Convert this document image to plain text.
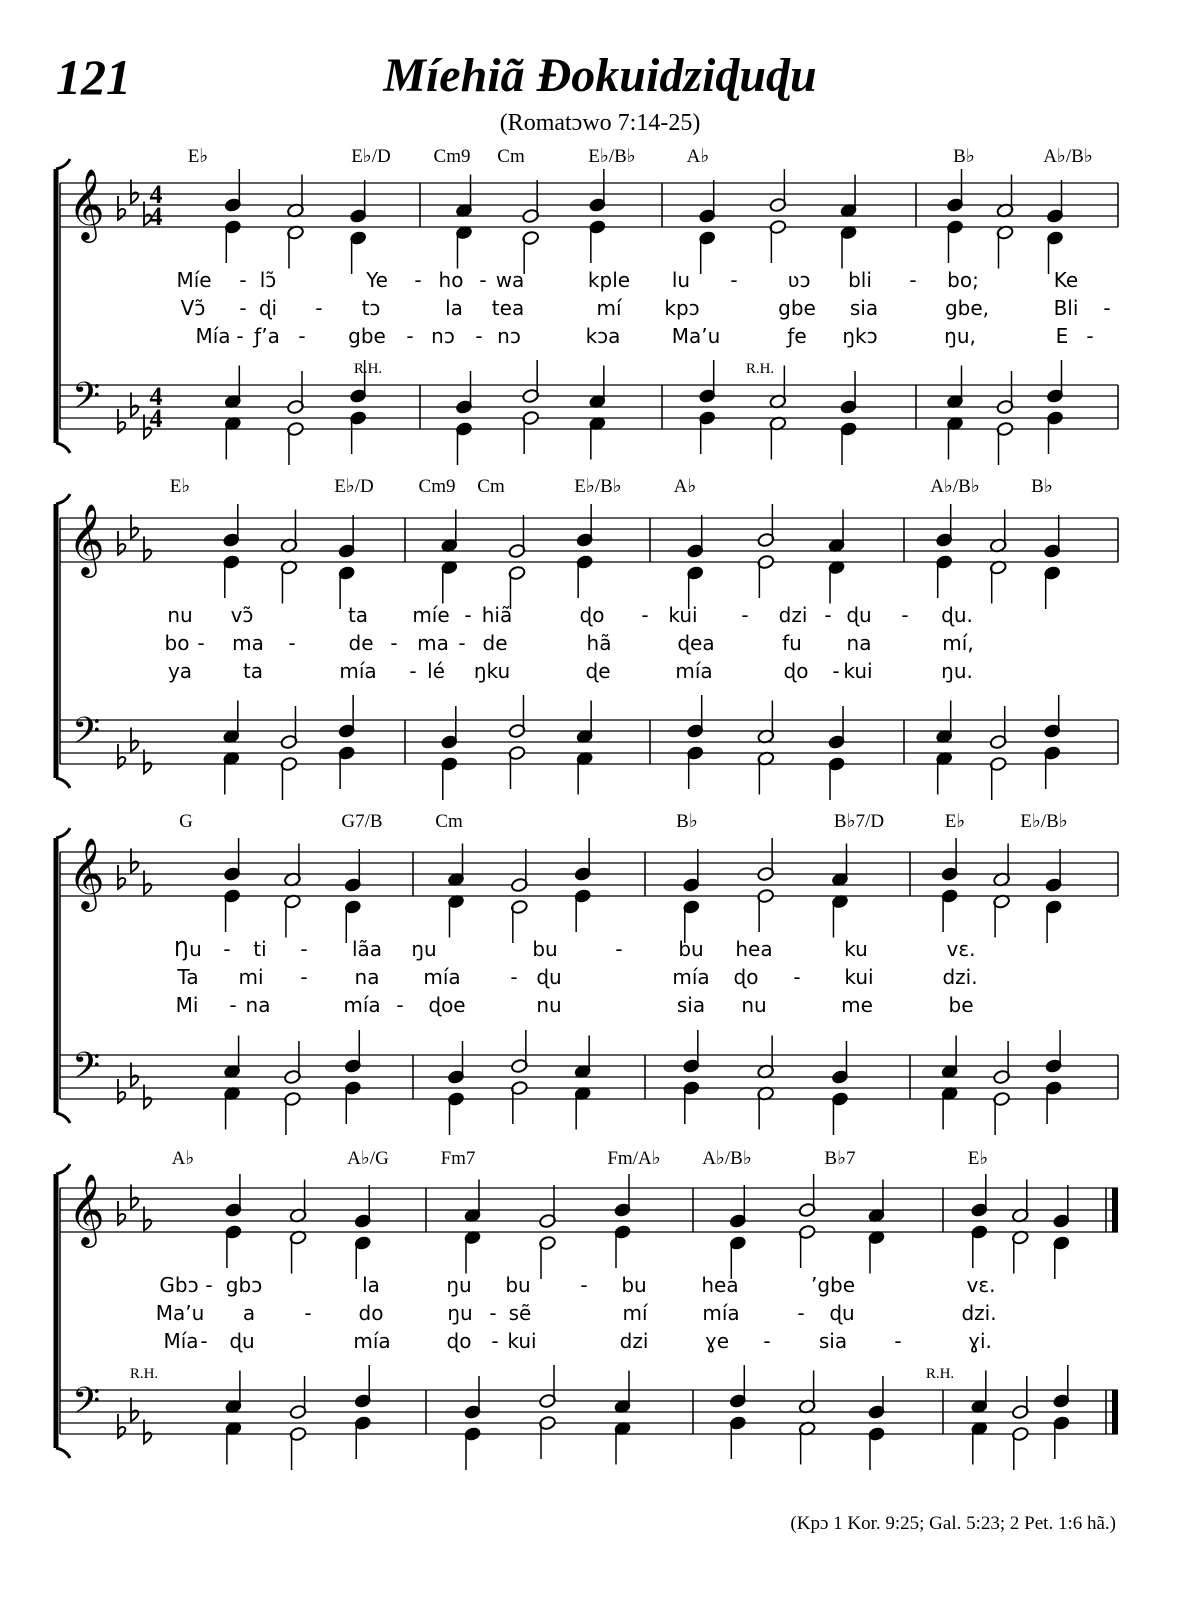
121	Míehiã Ɖokuidziɖuɖu
(Romatɔwo 7:14-25)
𝄞
𝄢
4
4
4
4
E♭	E♭/D Cm9 Cm	E♭/B♭	A♭	B♭	A♭/B♭
Míe - lɔ̃	Ye - ho - wa	kple lu - ʋɔ bli - bo;	Ke
Vɔ̃ - ɖi - tɔ	la tea	mí kpɔ	gbe sia	gbe,	Bli -
Mía - ƒ’a - gbe - nɔ - nɔ	kɔa	Ma’u	ƒe ŋkɔ	ŋu,	E -
R.H.
R.H.
𝄞
𝄢
E♭	E♭/D Cm9 Cm	E♭/B♭	A♭	A♭/B♭	B♭
nu vɔ̃	ta míe - hiã	ɖo - kui - dzi - ɖu - ɖu.
bo - ma -	de - ma - de	hã	ɖea	fu na	mí,
ya	ta	mía - lé ŋku	ɖe	mía	ɖo - kui	ŋu.
𝄞
𝄢
G	G7/B	Cm	B♭	B♭7/D	E♭	E♭/B♭
Ŋu - ti - lãa ŋu	bu	-	bu hea	ku	vɛ.
Ta mi - na mía - ɖu	mía ɖo - kui	dzi.
Mi - na	mía - ɖoe	nu	sia nu	me	be
𝄞
𝄢
A♭	A♭/G	Fm7	Fm/A♭ A♭/B♭	B♭7	E♭
Gbɔ - gbɔ	la	ŋu bu - bu	hea	’gbe	vɛ.
Ma’u a - do	ŋu - sẽ	mí	mía	- ɖu	dzi.
Mía - ɖu	mía	ɖo - kui	dzi	ɣe - sia -	ɣi.
R.H.	R.H.
(Kpɔ 1 Kor. 9:25; Gal. 5:23; 2 Pet. 1:6 hã.)
